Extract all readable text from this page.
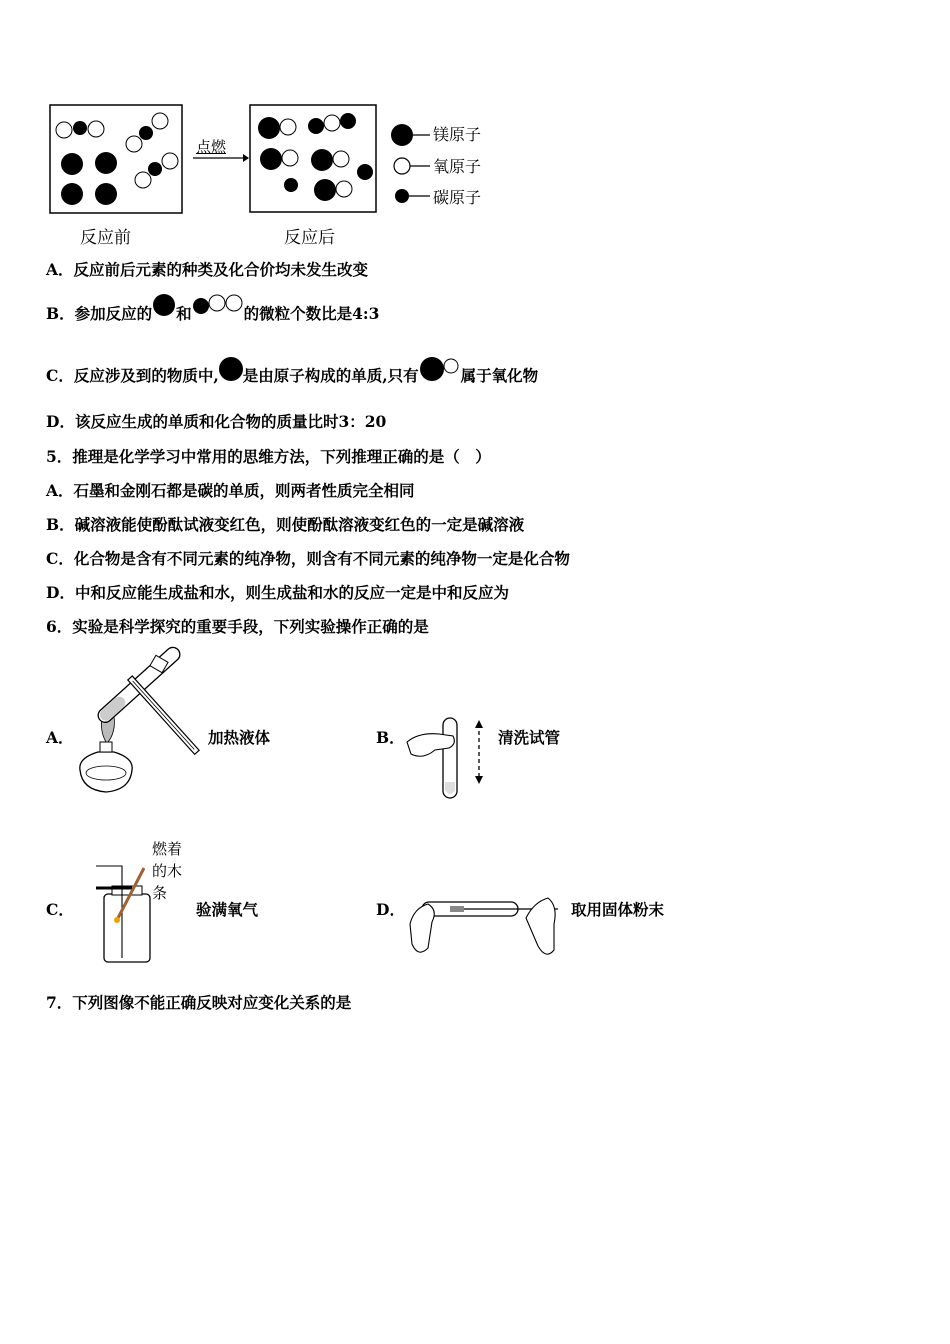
点燃
镁原子
氧原子
碳原子
反应前	反应后
A．反应前后元素的种类及化合价均未发生改变
B．参加反应的 和	的微粒个数比是4:3
C．反应涉及到的物质中, 是由原子构成的单质,只有	属于氧化物
D．该反应生成的单质和化合物的质量比时3：20
5．推理是化学学习中常用的思维方法，下列推理正确的是（　）
A．石墨和金刚石都是碳的单质，则两者性质完全相同
B．碱溶液能使酚酞试液变红色，则使酚酞溶液变红色的一定是碱溶液
C．化合物是含有不同元素的纯净物，则含有不同元素的纯净物一定是化合物
D．中和反应能生成盐和水，则生成盐和水的反应一定是中和反应为
6．实验是科学探究的重要手段，下列实验操作正确的是
A．	加热液体	B．	清洗试管
C．
燃着
的木
条
验满氧气	D．	取用固体粉末
7．下列图像不能正确反映对应变化关系的是
